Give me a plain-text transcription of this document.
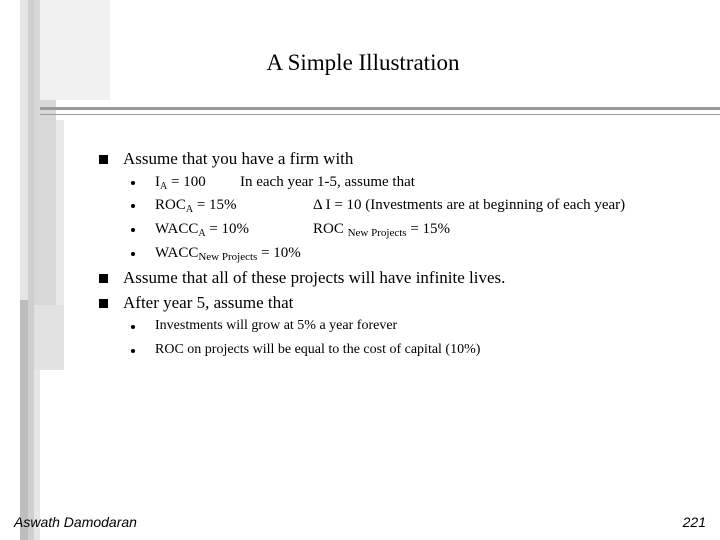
A Simple Illustration
Assume that you have a firm with
$I_A = 100$ In each year 1-5, assume that
$ROC_A = 15\%$	Δ I = 10 (Investments are at beginning of each year)
$WACC_A = 10\%$	ROC $_{New Projects}$ = 15%
$WACC_{New Projects} = 10\%$
Assume that all of these projects will have infinite lives.
After year 5, assume that
Investments will grow at 5% a year forever
ROC on projects will be equal to the cost of capital (10%)
Aswath Damodaran	221
